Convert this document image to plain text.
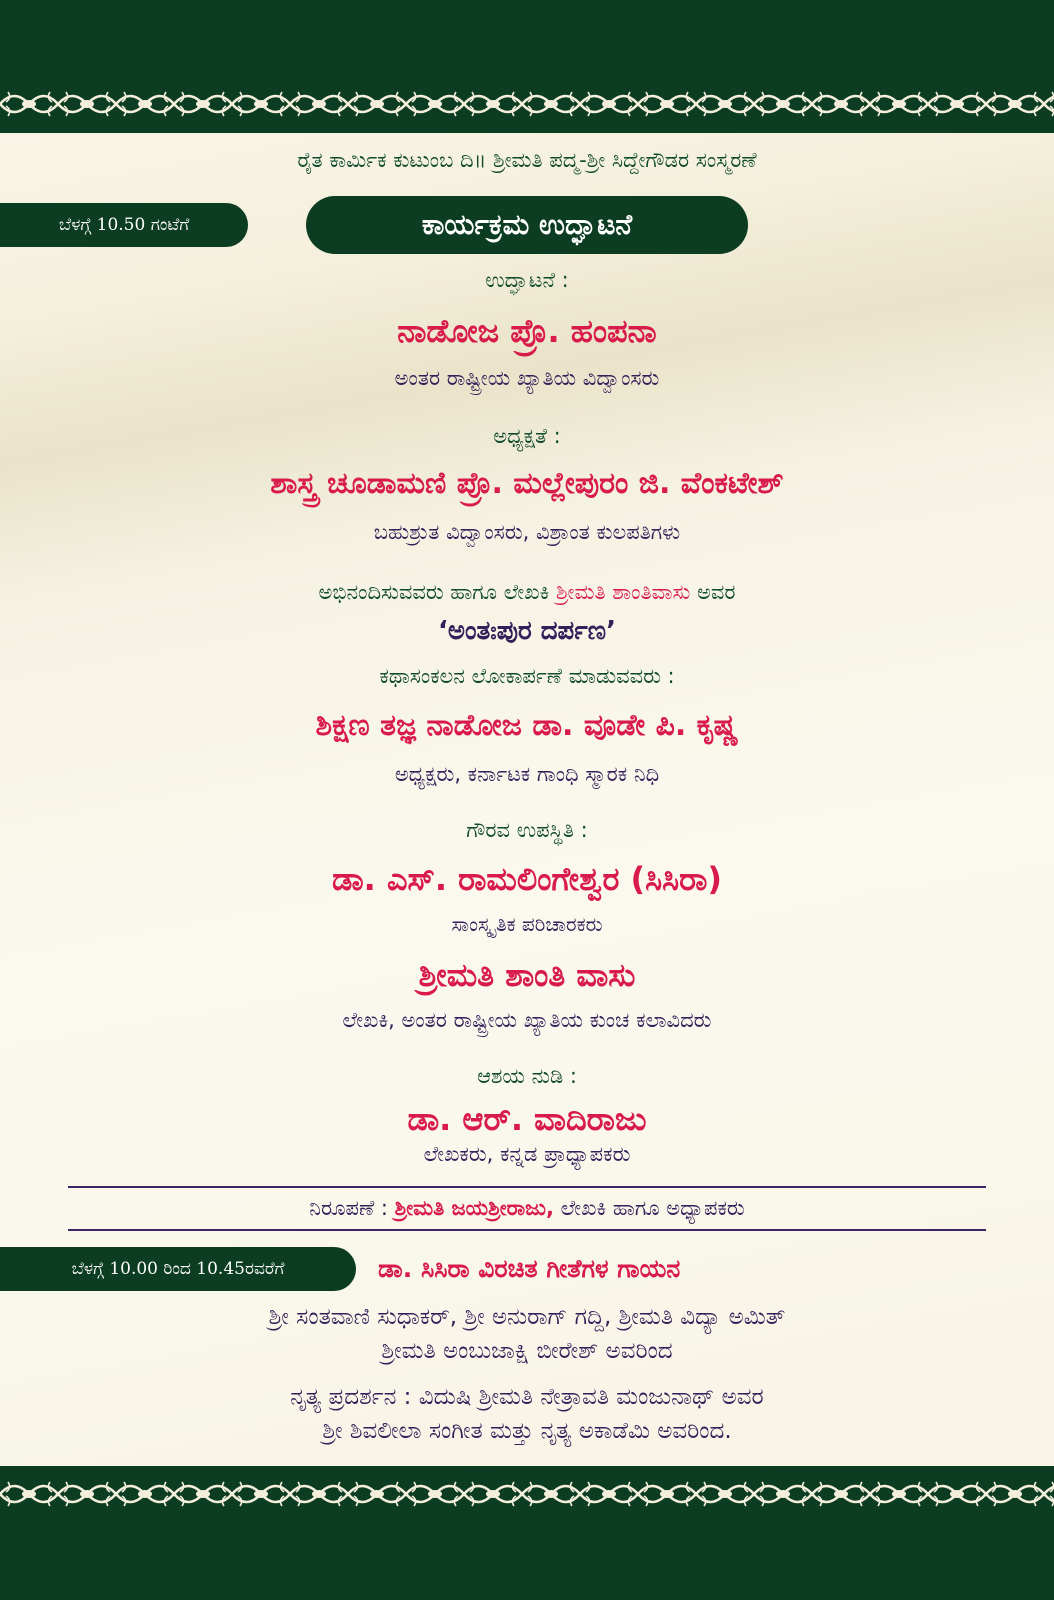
ರೈತ ಕಾರ್ಮಿಕ ಕುಟುಂಬ ದಿ॥ ಶ್ರೀಮತಿ ಪದ್ಮ-ಶ್ರೀ ಸಿದ್ದೇಗೌಡರ ಸಂಸ್ಮರಣೆ
ಬೆಳಗ್ಗೆ 10.50 ಗಂಟೆಗೆ	ಕಾರ್ಯಕ್ರಮ ಉದ್ಘಾಟನೆ
ಉದ್ಘಾಟನೆ :
ನಾಡೋಜ ಪ್ರೊ. ಹಂಪನಾ
ಅಂತರ ರಾಷ್ಟ್ರೀಯ ಖ್ಯಾತಿಯ ವಿದ್ವಾಂಸರು
ಅಧ್ಯಕ್ಷತೆ :
ಶಾಸ್ತ್ರ ಚೂಡಾಮಣಿ ಪ್ರೊ. ಮಲ್ಲೇಪುರಂ ಜಿ. ವೆಂಕಟೇಶ್
ಬಹುಶ್ರುತ ವಿದ್ವಾಂಸರು, ವಿಶ್ರಾಂತ ಕುಲಪತಿಗಳು
ಅಭಿನಂದಿಸುವವರು ಹಾಗೂ ಲೇಖಕಿ ಶ್ರೀಮತಿ ಶಾಂತಿವಾಸು ಅವರ
‘ಅಂತಃಪುರ ದರ್ಪಣ’
ಕಥಾಸಂಕಲನ ಲೋಕಾರ್ಪಣೆ ಮಾಡುವವರು :
ಶಿಕ್ಷಣ ತಜ್ಞ ನಾಡೋಜ ಡಾ. ವೂಡೇ ಪಿ. ಕೃಷ್ಣ
ಅಧ್ಯಕ್ಷರು, ಕರ್ನಾಟಕ ಗಾಂಧಿ ಸ್ಮಾರಕ ನಿಧಿ
ಗೌರವ ಉಪಸ್ಥಿತಿ :
ಡಾ. ಎಸ್. ರಾಮಲಿಂಗೇಶ್ವರ (ಸಿಸಿರಾ)
ಸಾಂಸ್ಕೃತಿಕ ಪರಿಚಾರಕರು
ಶ್ರೀಮತಿ ಶಾಂತಿ ವಾಸು
ಲೇಖಕಿ, ಅಂತರ ರಾಷ್ಟ್ರೀಯ ಖ್ಯಾತಿಯ ಕುಂಚ ಕಲಾವಿದರು
ಆಶಯ ನುಡಿ :
ಡಾ. ಆರ್. ವಾದಿರಾಜು
ಲೇಖಕರು, ಕನ್ನಡ ಪ್ರಾಧ್ಯಾಪಕರು
ನಿರೂಪಣೆ : ಶ್ರೀಮತಿ ಜಯಶ್ರೀರಾಜು, ಲೇಖಕಿ ಹಾಗೂ ಅಧ್ಯಾಪಕರು
ಬೆಳಗ್ಗೆ 10.00 ರಿಂದ 10.45ರವರೆಗೆ	ಡಾ. ಸಿಸಿರಾ ವಿರಚಿತ ಗೀತೆಗಳ ಗಾಯನ
ಶ್ರೀ ಸಂತವಾಣಿ ಸುಧಾಕರ್, ಶ್ರೀ ಅನುರಾಗ್ ಗದ್ದಿ, ಶ್ರೀಮತಿ ವಿದ್ಯಾ ಅಮಿತ್
ಶ್ರೀಮತಿ ಅಂಬುಜಾಕ್ಷಿ ಬೀರೇಶ್ ಅವರಿಂದ
ನೃತ್ಯ ಪ್ರದರ್ಶನ : ವಿದುಷಿ ಶ್ರೀಮತಿ ನೇತ್ರಾವತಿ ಮಂಜುನಾಥ್ ಅವರ
ಶ್ರೀ ಶಿವಲೀಲಾ ಸಂಗೀತ ಮತ್ತು ನೃತ್ಯ ಅಕಾಡೆಮಿ ಅವರಿಂದ.
